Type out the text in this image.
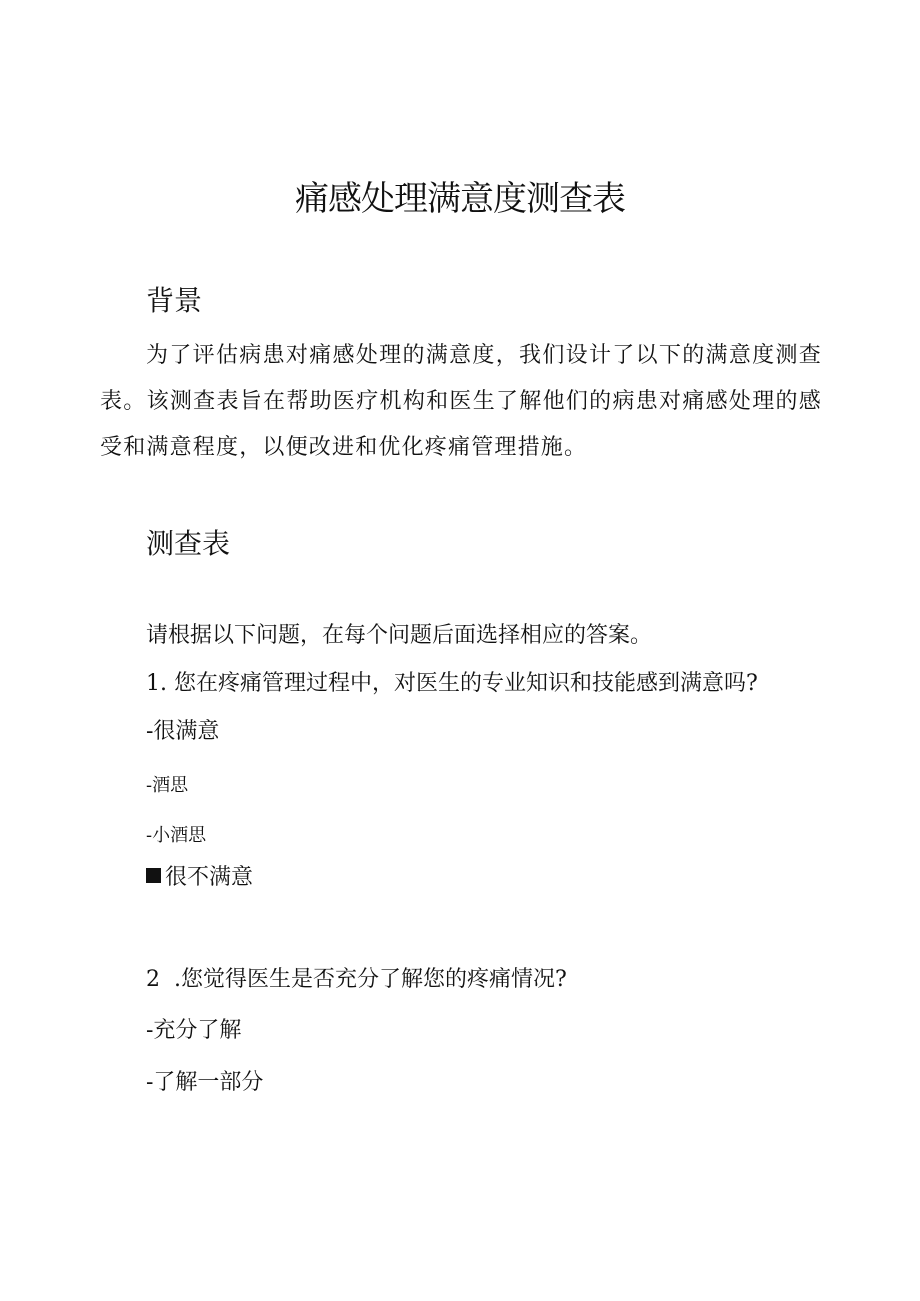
痛感处理满意度测查表
背景

为了评估病患对痛感处理的满意度，我们设计了以下的满意度测查表。该测查表旨在帮助医疗机构和医生了解他们的病患对痛感处理的感受和满意程度，以便改进和优化疼痛管理措施。

测查表

请根据以下问题，在每个问题后面选择相应的答案。

1. 您在疼痛管理过程中，对医生的专业知识和技能感到满意吗?

-很满意

-酒思

-小酒思

很不满意

2  .您觉得医生是否充分了解您的疼痛情况?

-充分了解

-了解一部分
